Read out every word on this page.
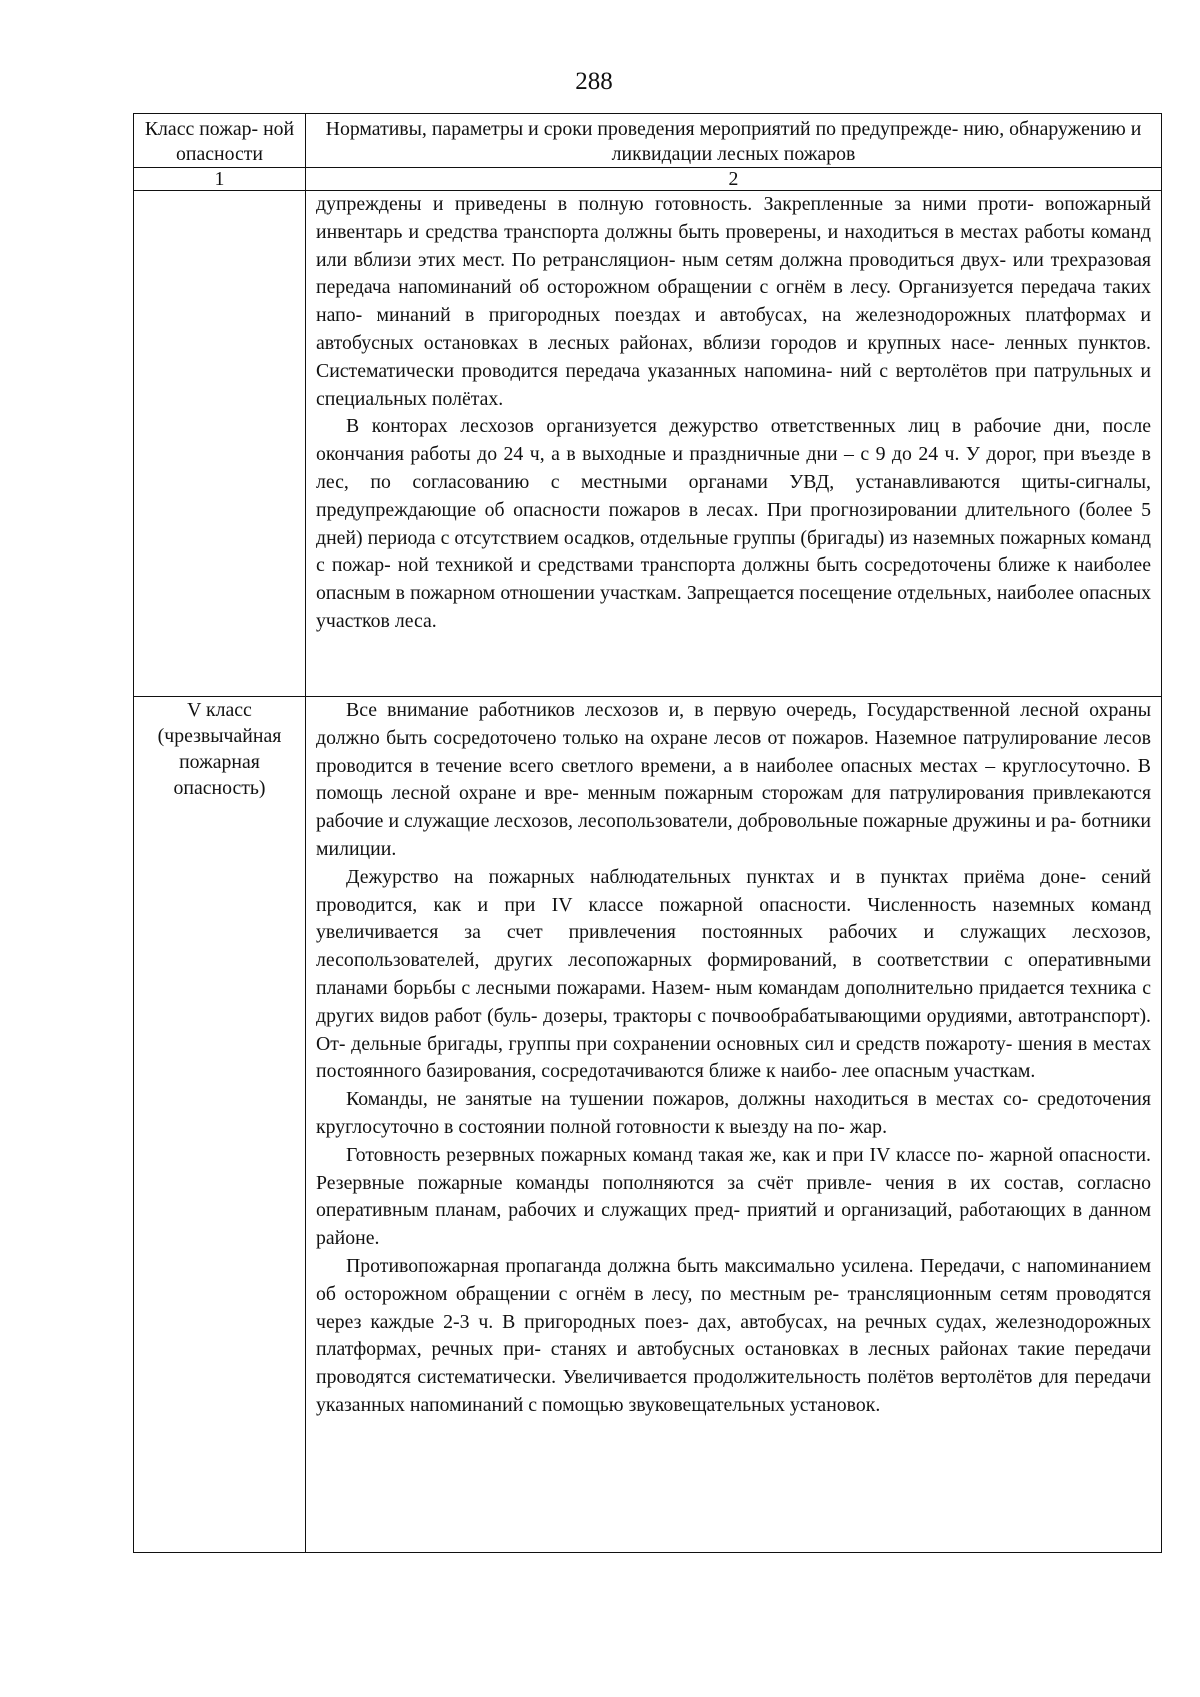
288
Класс пожар- ной опасности	Нормативы, параметры и сроки проведения мероприятий по предупрежде- нию, обнаружению и ликвидации лесных пожаров
1	2

	дупреждены и приведены в полную готовность. Закрепленные за ними проти- вопожарный инвентарь и средства транспорта должны быть проверены, и находиться в местах работы команд или вблизи этих мест. По ретрансляцион- ным сетям должна проводиться двух- или трехразовая передача напоминаний об осторожном обращении с огнём в лесу. Организуется передача таких напо- минаний в пригородных поездах и автобусах, на железнодорожных платформах и автобусных остановках в лесных районах, вблизи городов и крупных насе- ленных пунктов. Систематически проводится передача указанных напомина- ний с вертолётов при патрульных и специальных полётах.

В конторах лесхозов организуется дежурство ответственных лиц в рабочие дни, после окончания работы до 24 ч, а в выходные и праздничные дни – с 9 до 24 ч. У дорог, при въезде в лес, по согласованию с местными органами УВД, устанавливаются щиты-сигналы, предупреждающие об опасности пожаров в лесах. При прогнозировании длительного (более 5 дней) периода с отсутствием осадков, отдельные группы (бригады) из наземных пожарных команд с пожар- ной техникой и средствами транспорта должны быть сосредоточены ближе к наиболее опасным в пожарном отношении участкам. Запрещается посещение отдельных, наиболее опасных участков леса.

V класс (чрезвычайная пожарная опасность)	Все внимание работников лесхозов и, в первую очередь, Государственной лесной охраны должно быть сосредоточено только на охране лесов от пожаров. Наземное патрулирование лесов проводится в течение всего светлого времени, а в наиболее опасных местах – круглосуточно. В помощь лесной охране и вре- менным пожарным сторожам для патрулирования привлекаются рабочие и служащие лесхозов, лесопользователи, добровольные пожарные дружины и ра- ботники милиции.

Дежурство на пожарных наблюдательных пунктах и в пунктах приёма доне- сений проводится, как и при IV классе пожарной опасности. Численность наземных команд увеличивается за счет привлечения постоянных рабочих и служащих лесхозов, лесопользователей, других лесопожарных формирований, в соответствии с оперативными планами борьбы с лесными пожарами. Назем- ным командам дополнительно придается техника с других видов работ (буль- дозеры, тракторы с почвообрабатывающими орудиями, автотранспорт). От- дельные бригады, группы при сохранении основных сил и средств пожароту- шения в местах постоянного базирования, сосредотачиваются ближе к наибо- лее опасным участкам.

Команды, не занятые на тушении пожаров, должны находиться в местах со- средоточения круглосуточно в состоянии полной готовности к выезду на по- жар.

Готовность резервных пожарных команд такая же, как и при IV классе по- жарной опасности. Резервные пожарные команды пополняются за счёт привле- чения в их состав, согласно оперативным планам, рабочих и служащих пред- приятий и организаций, работающих в данном районе.

Противопожарная пропаганда должна быть максимально усилена. Передачи, с напоминанием об осторожном обращении с огнём в лесу, по местным ре- трансляционным сетям проводятся через каждые 2-3 ч. В пригородных поез- дах, автобусах, на речных судах, железнодорожных платформах, речных при- станях и автобусных остановках в лесных районах такие передачи проводятся систематически. Увеличивается продолжительность полётов вертолётов для передачи указанных напоминаний с помощью звуковещательных установок.
